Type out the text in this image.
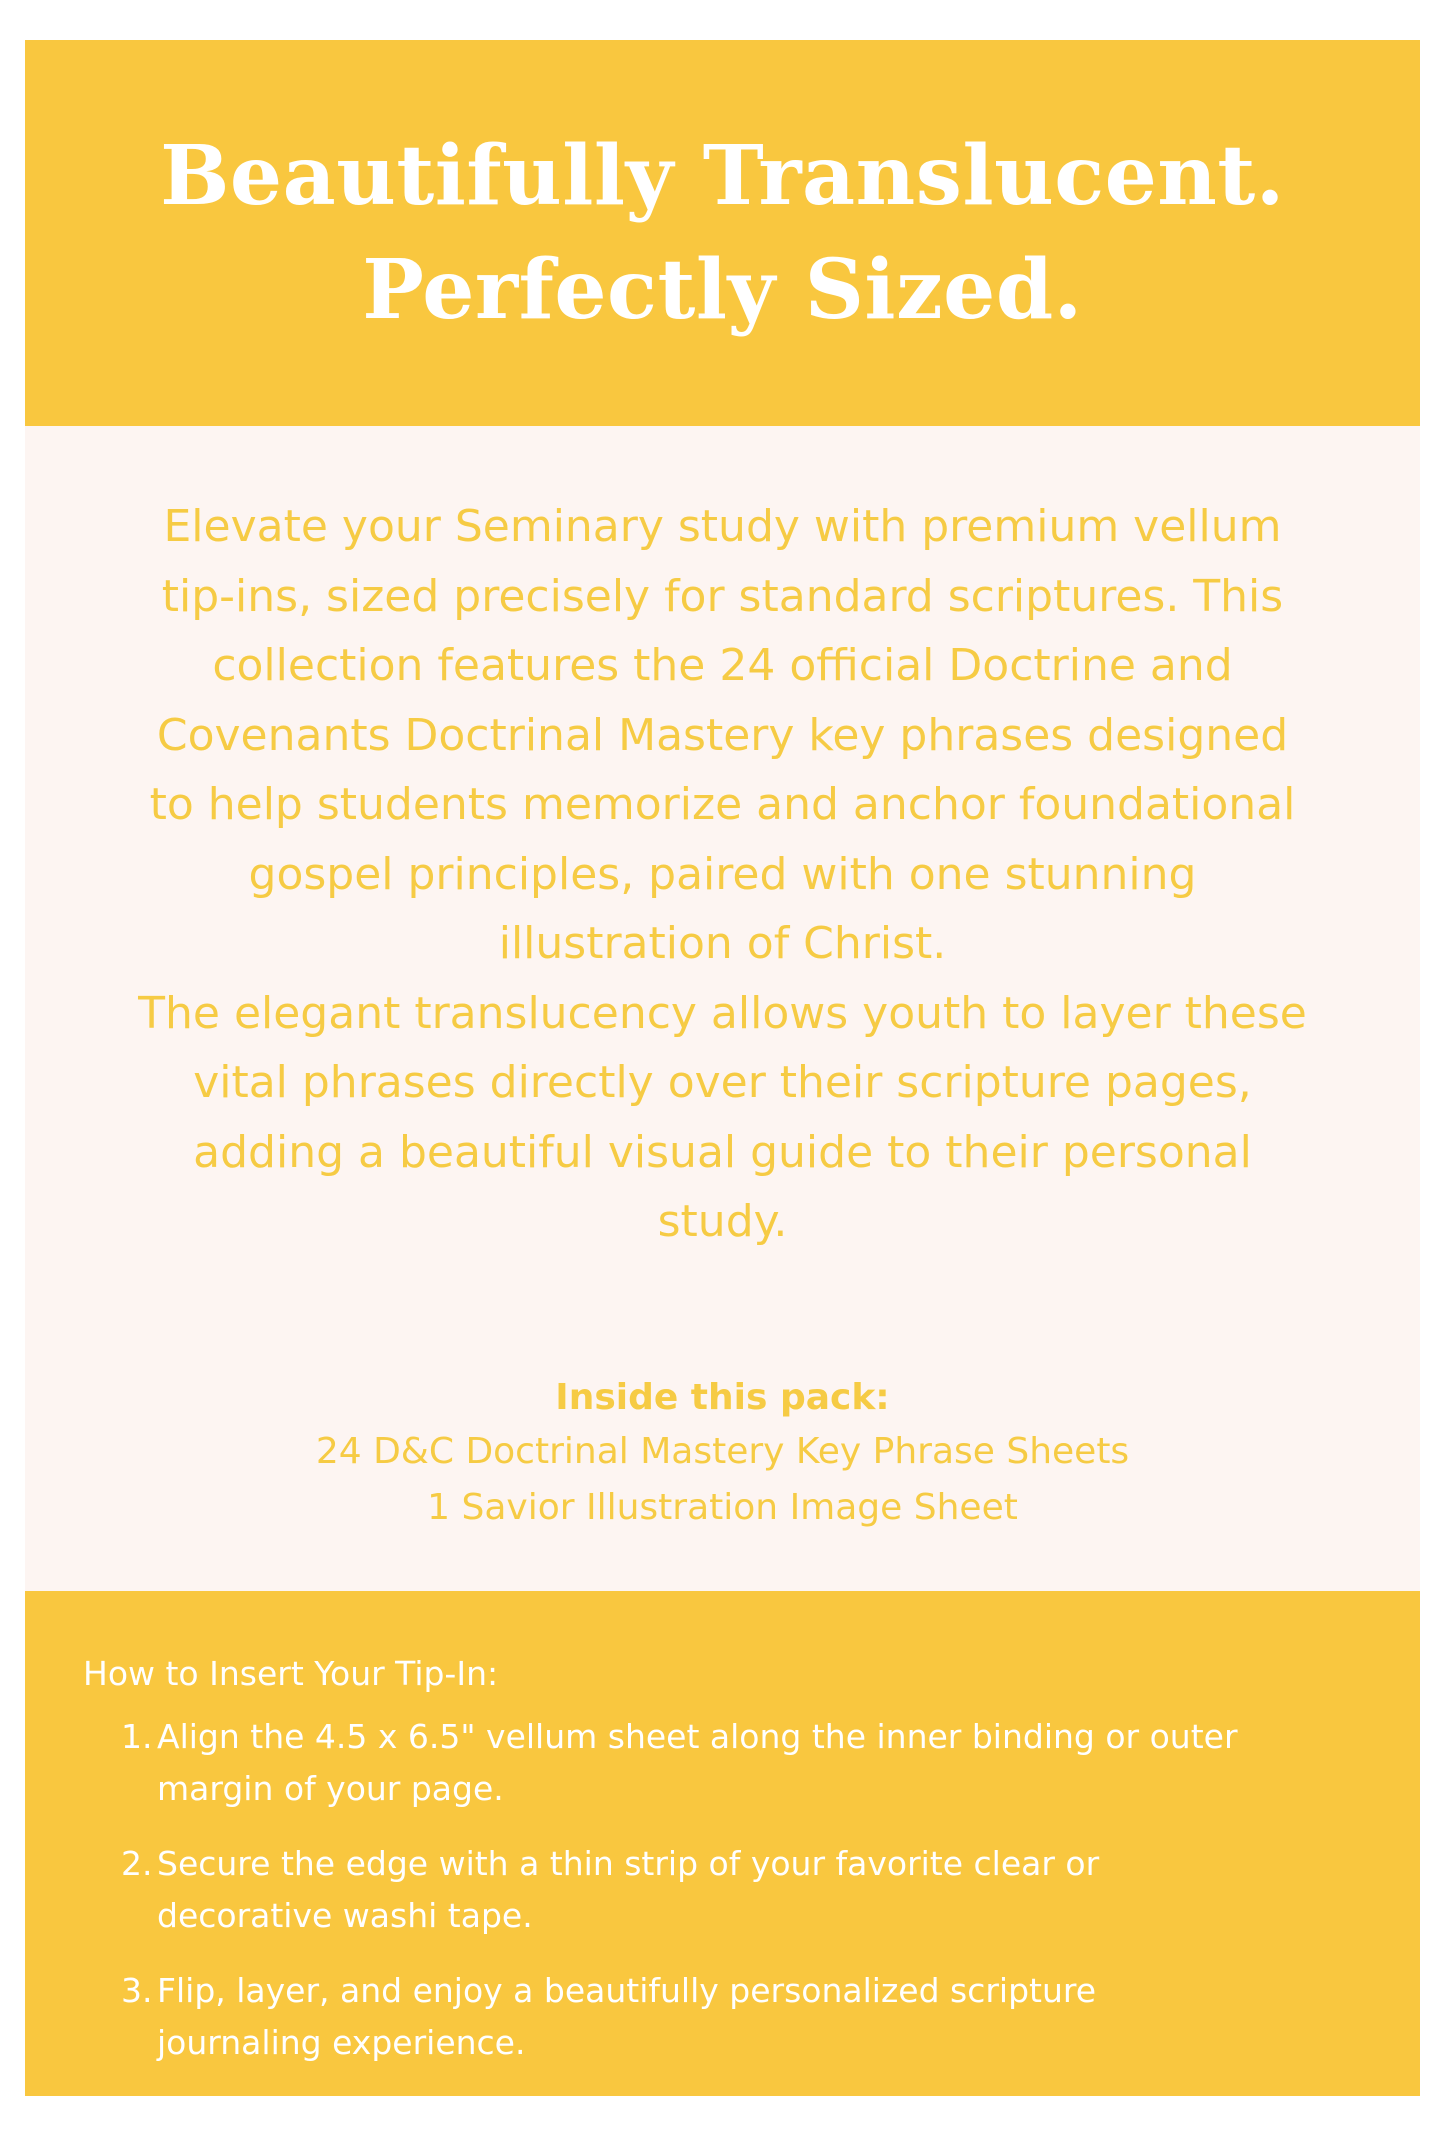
Beautifully Translucent.
Perfectly Sized.

Elevate your Seminary study with premium vellum tip-ins, sized precisely for standard scriptures. This collection features the 24 official Doctrine and Covenants Doctrinal Mastery key phrases designed to help students memorize and anchor foundational gospel principles, paired with one stunning illustration of Christ.

The elegant translucency allows youth to layer these vital phrases directly over their scripture pages, adding a beautiful visual guide to their personal study.

Inside this pack:

24 D&C Doctrinal Mastery Key Phrase Sheets

1 Savior Illustration Image Sheet

How to Insert Your Tip-In:

1. Align the 4.5 x 6.5" vellum sheet along the inner binding or outer margin of your page.
2. Secure the edge with a thin strip of your favorite clear or decorative washi tape.
3. Flip, layer, and enjoy a beautifully personalized scripture journaling experience.
